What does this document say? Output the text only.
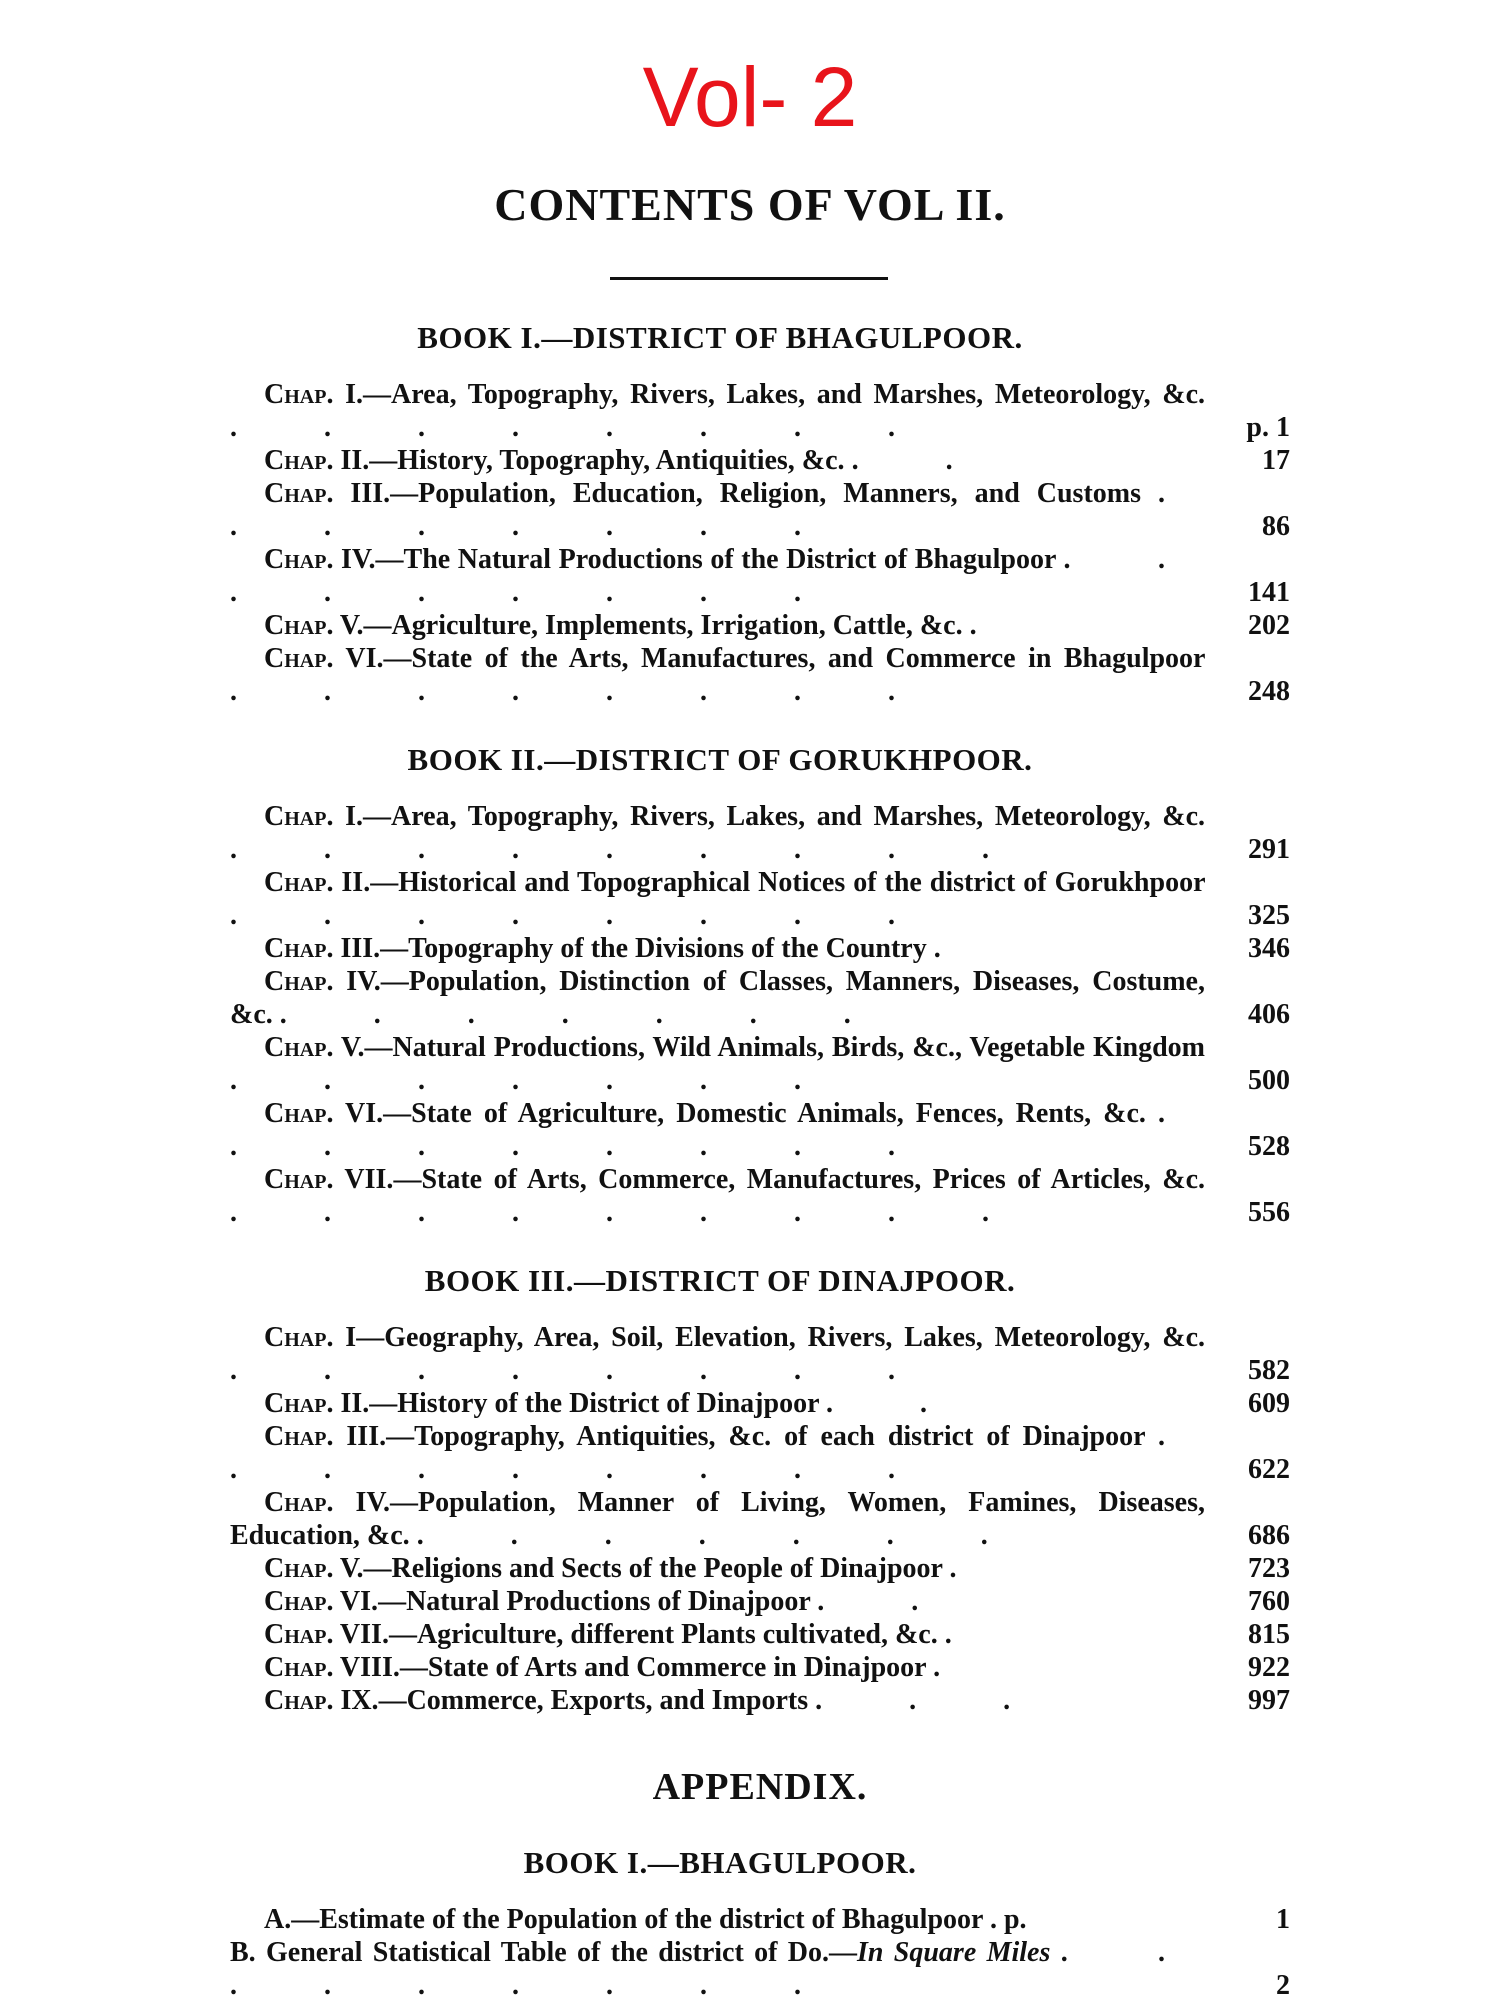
Vol- 2
CONTENTS OF VOL II.
BOOK I.—DISTRICT OF BHAGULPOOR.
Chap. I.—Area, Topography, Rivers, Lakes, and Marshes, Meteorology, &c. . . . . . . . .	p. 1
Chap. II.—History, Topography, Antiquities, &c. . .	17
Chap. III.—Population, Education, Religion, Manners, and Customs . . . . . . . .	86
Chap. IV.—The Natural Productions of the District of Bhagulpoor . . . . . . . . .	141
Chap. V.—Agriculture, Implements, Irrigation, Cattle, &c. .	202
Chap. VI.—State of the Arts, Manufactures, and Commerce in Bhagulpoor . . . . . . . .	248
BOOK II.—DISTRICT OF GORUKHPOOR.
Chap. I.—Area, Topography, Rivers, Lakes, and Marshes, Meteorology, &c. . . . . . . . . .	291
Chap. II.—Historical and Topographical Notices of the district of Gorukhpoor . . . . . . . .	325
Chap. III.—Topography of the Divisions of the Country .	346
Chap. IV.—Population, Distinction of Classes, Manners, Diseases, Costume, &c. . . . . . . .	406
Chap. V.—Natural Productions, Wild Animals, Birds, &c., Vegetable Kingdom . . . . . . .	500
Chap. VI.—State of Agriculture, Domestic Animals, Fences, Rents, &c. . . . . . . . . .	528
Chap. VII.—State of Arts, Commerce, Manufactures, Prices of Articles, &c. . . . . . . . . .	556
BOOK III.—DISTRICT OF DINAJPOOR.
Chap. I—Geography, Area, Soil, Elevation, Rivers, Lakes, Meteorology, &c. . . . . . . . .	582
Chap. II.—History of the District of Dinajpoor . .	609
Chap. III.—Topography, Antiquities, &c. of each district of Dinajpoor . . . . . . . . .	622
Chap. IV.—Population, Manner of Living, Women, Famines, Diseases, Education, &c. . . . . . . .	686
Chap. V.—Religions and Sects of the People of Dinajpoor .	723
Chap. VI.—Natural Productions of Dinajpoor . .	760
Chap. VII.—Agriculture, different Plants cultivated, &c. .	815
Chap. VIII.—State of Arts and Commerce in Dinajpoor .	922
Chap. IX.—Commerce, Exports, and Imports . . .	997
APPENDIX.
BOOK I.—BHAGULPOOR.
A.—Estimate of the Population of the district of Bhagulpoor . p.	1
B. General Statistical Table of the district of Do.—In Square Miles . . . . . . . . .	2
